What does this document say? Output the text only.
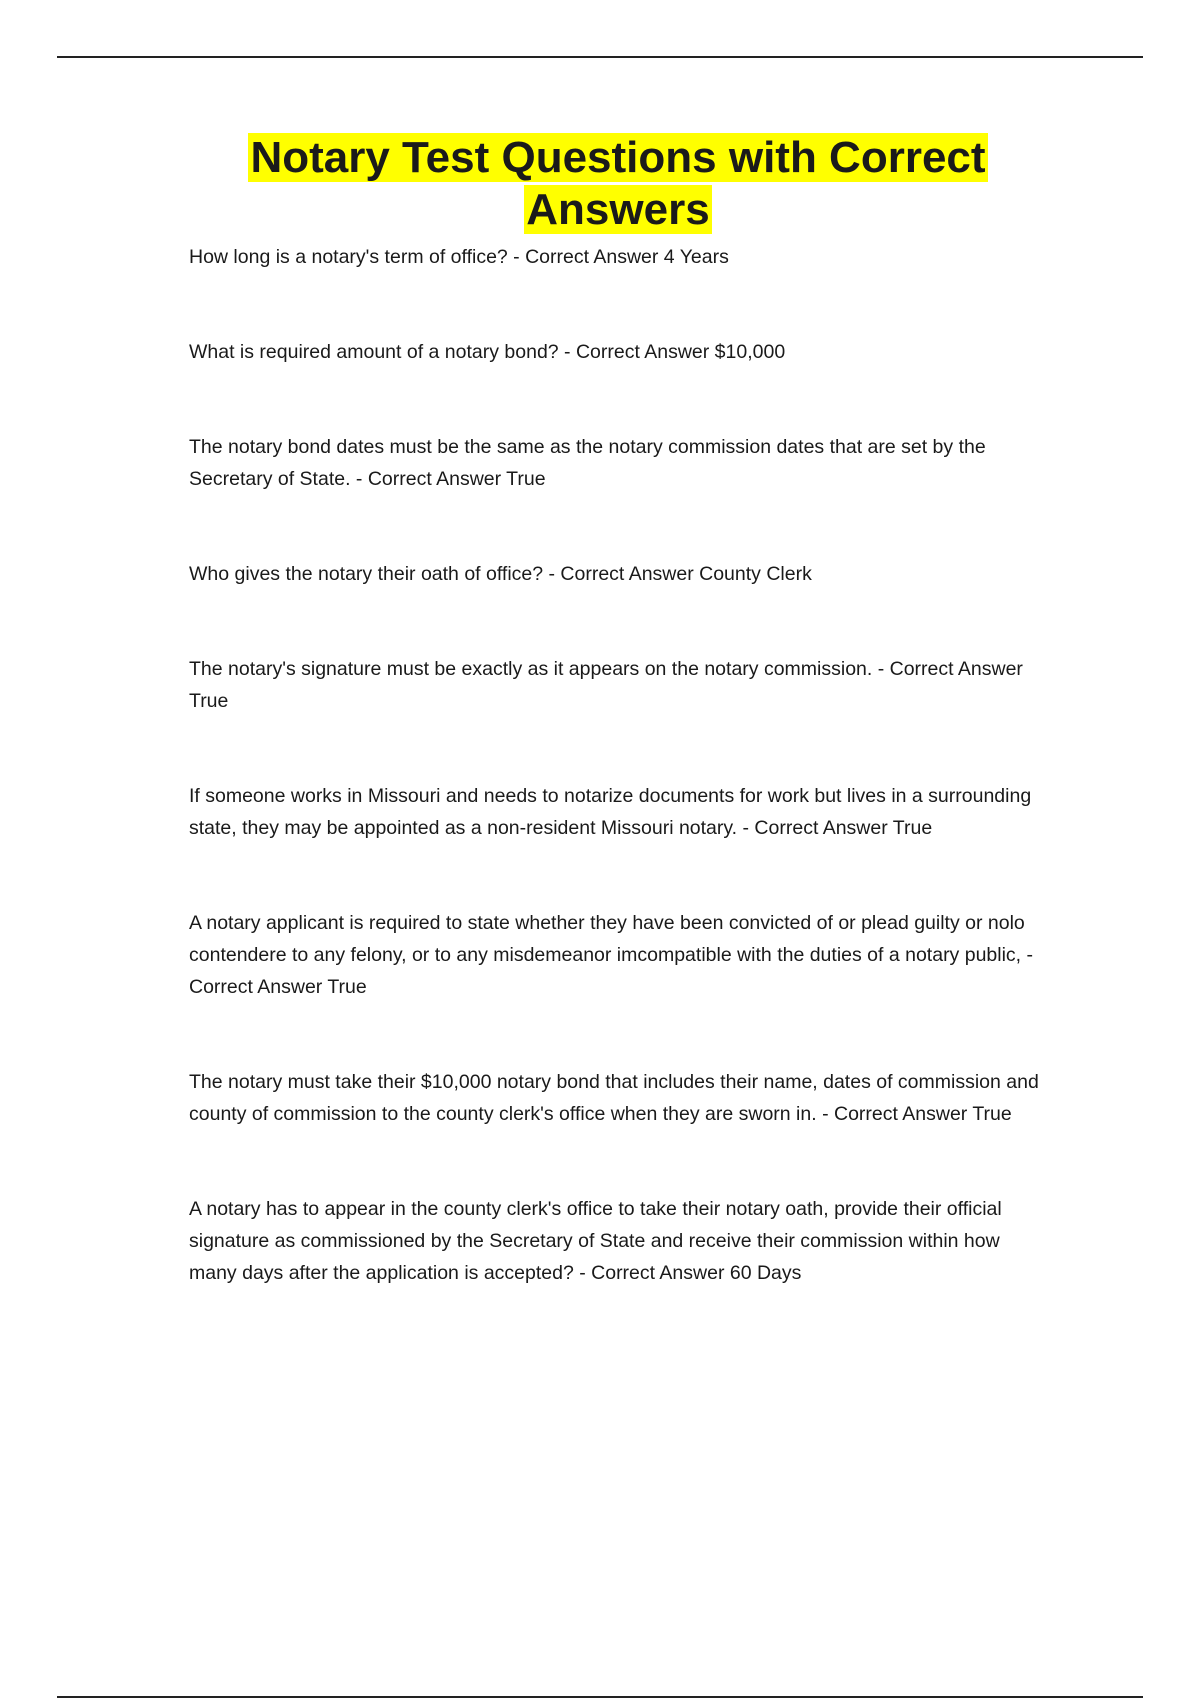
Notary Test Questions with Correct Answers

How long is a notary's term of office? - Correct Answer 4 Years

What is required amount of a notary bond? - Correct Answer $10,000

The notary bond dates must be the same as the notary commission dates that are set by the Secretary of State. - Correct Answer True

Who gives the notary their oath of office? - Correct Answer County Clerk

The notary's signature must be exactly as it appears on the notary commission. - Correct Answer True

If someone works in Missouri and needs to notarize documents for work but lives in a surrounding state, they may be appointed as a non-resident Missouri notary. - Correct Answer True

A notary applicant is required to state whether they have been convicted of or plead guilty or nolo contendere to any felony, or to any misdemeanor imcompatible with the duties of a notary public, - Correct Answer True

The notary must take their $10,000 notary bond that includes their name, dates of commission and county of commission to the county clerk's office when they are sworn in. - Correct Answer True

A notary has to appear in the county clerk's office to take their notary oath, provide their official signature as commissioned by the Secretary of State and receive their commission within how many days after the application is accepted? - Correct Answer 60 Days
